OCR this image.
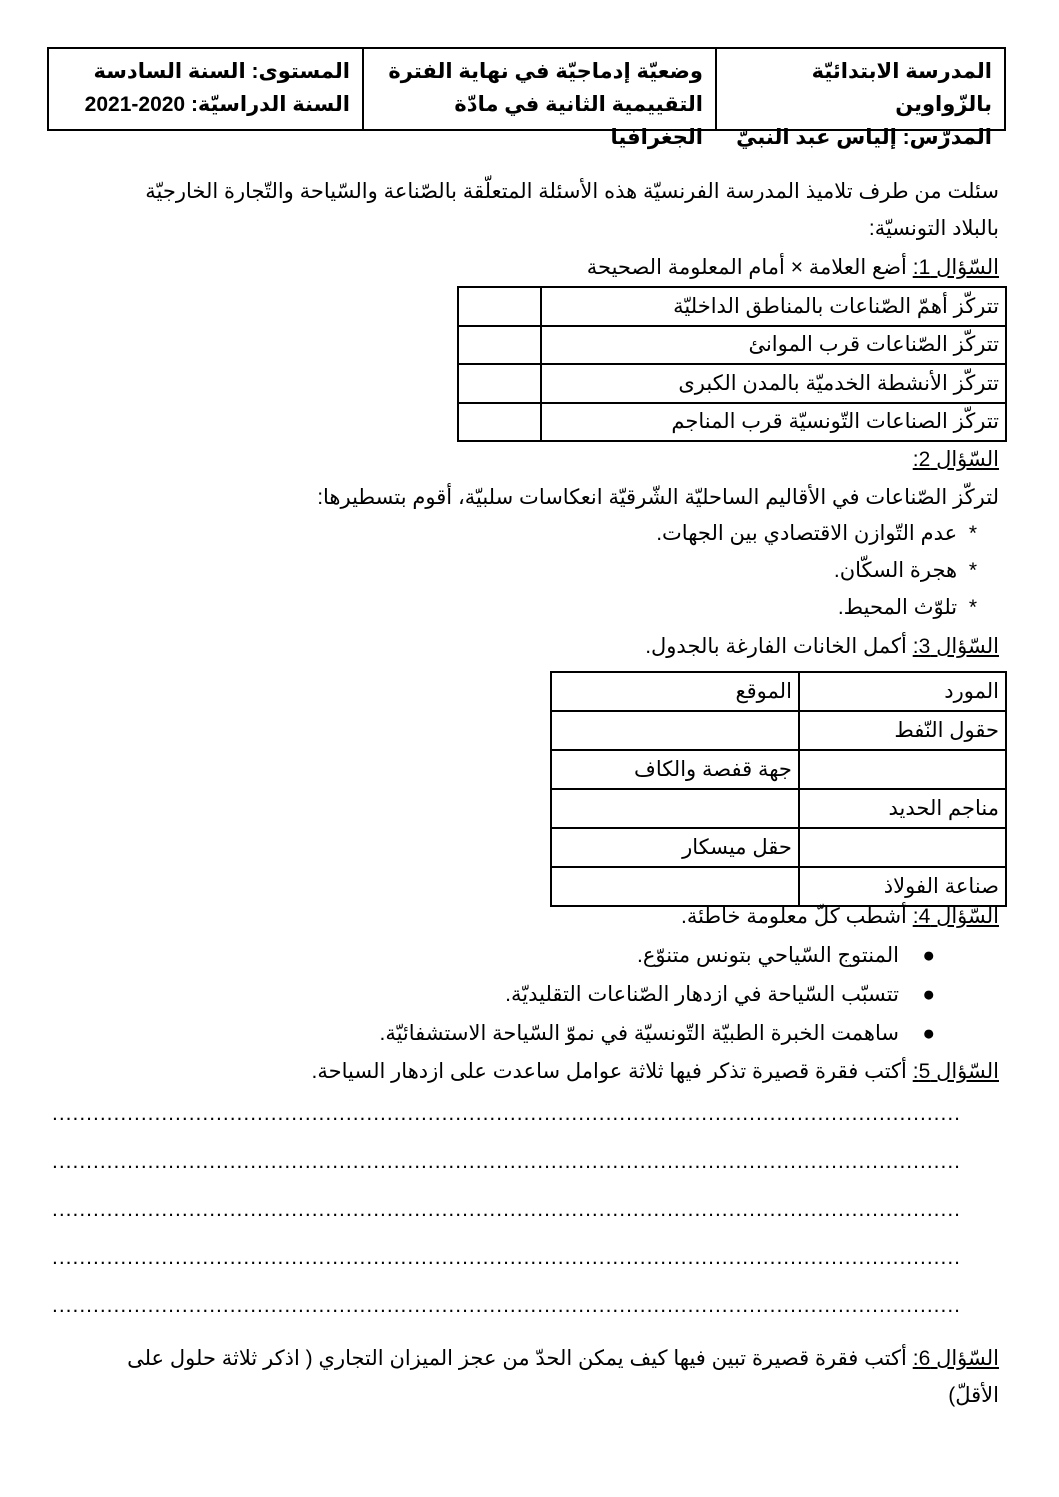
المدرسة الابتدائيّة بالزّواوين
المدرّس: إلياس عبد النبيّ
وضعيّة إدماجيّة في نهاية الفترة
التقييمية الثانية في مادّة الجغرافيا
المستوى: السنة السادسة
السنة الدراسيّة: 2020-2021
سئلت من طرف تلاميذ المدرسة الفرنسيّة هذه الأسئلة المتعلّقة بالصّناعة والسّياحة والتّجارة الخارجيّة
بالبلاد التونسيّة:
السّؤال 1: أضع العلامة × أمام المعلومة الصحيحة
تتركّز أهمّ الصّناعات بالمناطق الداخليّة	
تتركّز الصّناعات قرب الموانئ	
تتركّز الأنشطة الخدميّة بالمدن الكبرى	
تتركّز الصناعات التّونسيّة قرب المناجم	
السّؤال 2:
لتركّز الصّناعات في الأقاليم الساحليّة الشّرقيّة انعكاسات سلبيّة، أقوم بتسطيرها:
*  عدم التّوازن الاقتصادي بين الجهات.
*  هجرة السكّان.
*  تلوّث المحيط.
السّؤال 3: أكمل الخانات الفارغة بالجدول.
المورد	الموقع
حقول النّفط	
	جهة قفصة والكاف
مناجم الحديد	
	حقل ميسكار
صناعة الفولاذ	
السّؤال 4: أشطب كلّ معلومة خاطئة.
●    المنتوج السّياحي بتونس متنوّع.
●    تتسبّب السّياحة في ازدهار الصّناعات التقليديّة.
●    ساهمت الخبرة الطبيّة التّونسيّة في نموّ السّياحة الاستشفائيّة.
السّؤال 5: أكتب فقرة قصيرة تذكر فيها ثلاثة عوامل ساعدت على ازدهار السياحة.
.....................................................................................................................................
.....................................................................................................................................
.....................................................................................................................................
.....................................................................................................................................
.....................................................................................................................................
السّؤال 6: أكتب فقرة قصيرة تبين فيها كيف يمكن الحدّ من عجز الميزان التجاري ( اذكر ثلاثة حلول على
الأقلّ)
